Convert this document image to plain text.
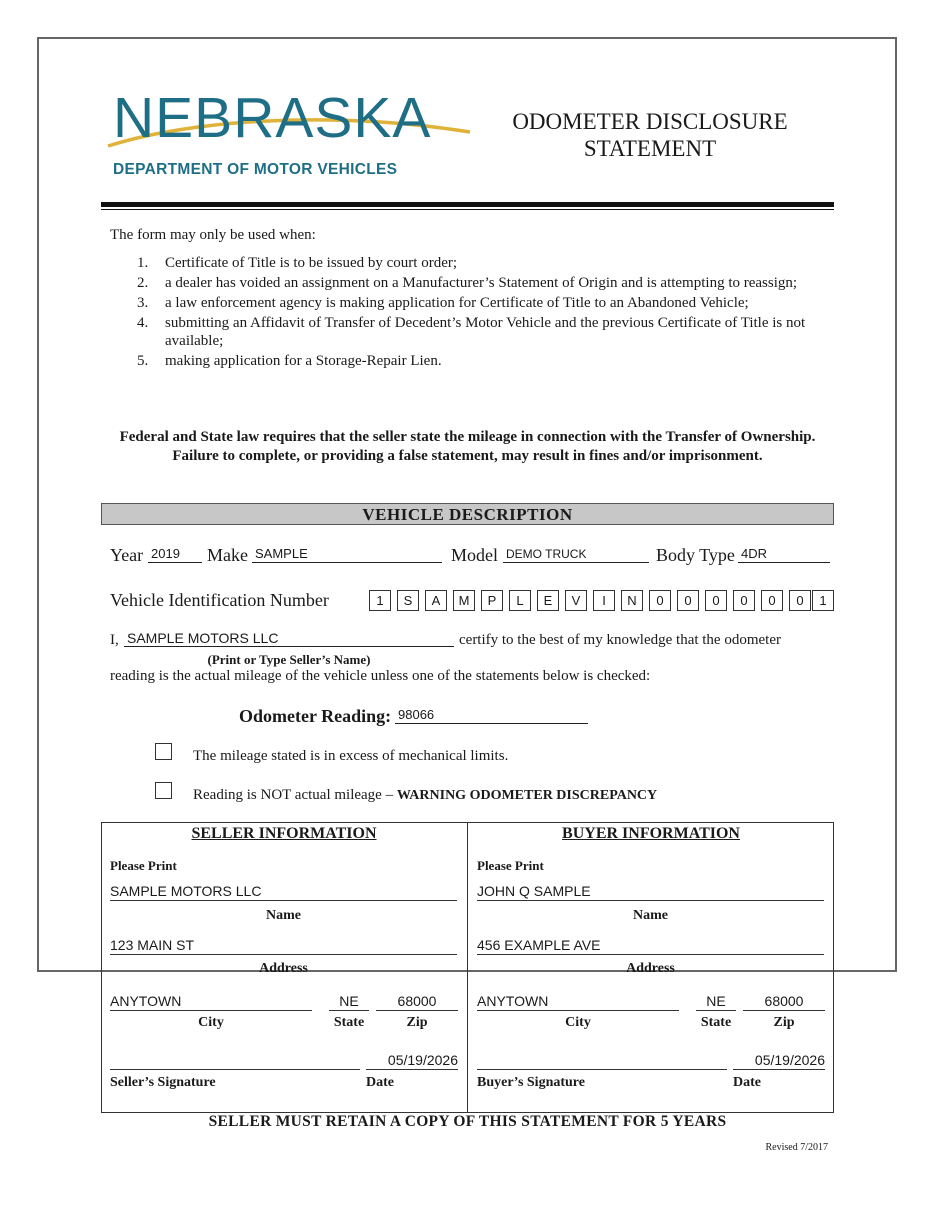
NEBRASKA
DEPARTMENT OF MOTOR VEHICLES
ODOMETER DISCLOSURE
STATEMENT
The form may only be used when:
1. Certificate of Title is to be issued by court order;
2. a dealer has voided an assignment on a Manufacturer’s Statement of Origin and is attempting to reassign;
3. a law enforcement agency is making application for Certificate of Title to an Abandoned Vehicle;
4. submitting an Affidavit of Transfer of Decedent’s Motor Vehicle and the previous Certificate of Title is not available;
5. making application for a Storage-Repair Lien.
Federal and State law requires that the seller state the mileage in connection with the Transfer of Ownership. Failure to complete, or providing a false statement, may result in fines and/or imprisonment.
VEHICLE DESCRIPTION
Year 2019	Make SAMPLE	Model DEMO TRUCK	Body Type 4DR
Vehicle Identification Number	1	S	A	M	P	L	E	V	I	N	0	0	0	0	0	0	1
I, SAMPLE MOTORS LLC	certify to the best of my knowledge that the odometer
(Print or Type Seller’s Name)
reading is the actual mileage of the vehicle unless one of the statements below is checked:
Odometer Reading: 98066
The mileage stated is in excess of mechanical limits.
Reading is NOT actual mileage – WARNING ODOMETER DISCREPANCY
SELLER INFORMATION
Please Print
SAMPLE MOTORS LLC
Name
123 MAIN ST
Address
ANYTOWN	NE	68000
City	State	Zip
05/19/2026
Seller’s Signature	Date
BUYER INFORMATION
Please Print
JOHN Q SAMPLE
Name
456 EXAMPLE AVE
Address
ANYTOWN	NE	68000
City	State	Zip
05/19/2026
Buyer’s Signature	Date
SELLER MUST RETAIN A COPY OF THIS STATEMENT FOR 5 YEARS
Revised 7/2017
